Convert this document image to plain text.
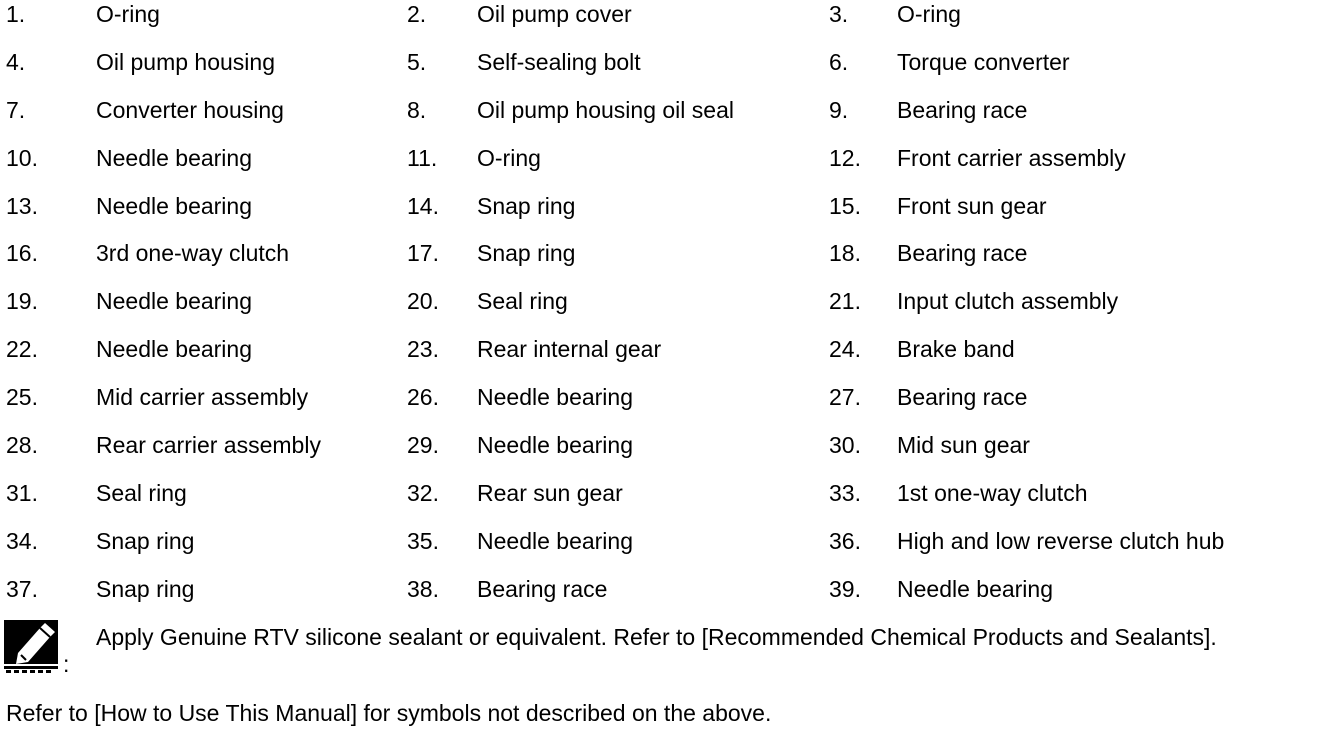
1.	O-ring	2. Oil pump cover	3. O-ring
4.	Oil pump housing	5. Self-sealing bolt	6. Torque converter
7.	Converter housing	8. Oil pump housing oil seal	9. Bearing race
10.	Needle bearing	11. O-ring	12. Front carrier assembly
13.	Needle bearing	14. Snap ring	15. Front sun gear
16.	3rd one-way clutch	17. Snap ring	18. Bearing race
19.	Needle bearing	20. Seal ring	21. Input clutch assembly
22.	Needle bearing	23. Rear internal gear	24. Brake band
25.	Mid carrier assembly	26. Needle bearing	27. Bearing race
28.	Rear carrier assembly	29. Needle bearing	30. Mid sun gear
31.	Seal ring	32. Rear sun gear	33. 1st one-way clutch
34.	Snap ring	35. Needle bearing	36. High and low reverse clutch hub
37.	Snap ring	38. Bearing race	39. Needle bearing
:
Apply Genuine RTV silicone sealant or equivalent. Refer to [Recommended Chemical Products and Sealants].
Refer to [How to Use This Manual] for symbols not described on the above.
